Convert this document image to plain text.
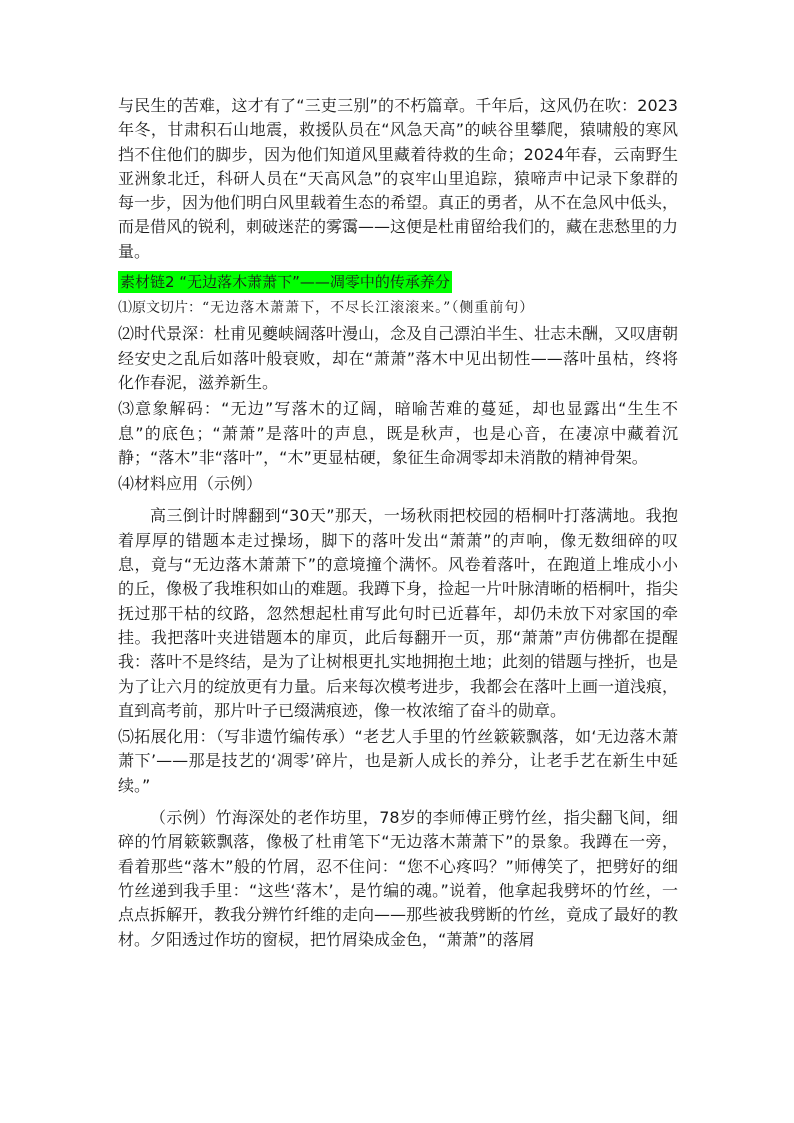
与民生的苦难，这才有了“三吏三别”的不朽篇章。千年后，这风仍在吹：2023年冬，甘肃积石山地震，救援队员在“风急天高”的峡谷里攀爬，猿啸般的寒风挡不住他们的脚步，因为他们知道风里藏着待救的生命；2024年春，云南野生亚洲象北迁，科研人员在“天高风急”的哀牢山里追踪，猿啼声中记录下象群的每一步，因为他们明白风里载着生态的希望。真正的勇者，从不在急风中低头，而是借风的锐利，刺破迷茫的雾霭——这便是杜甫留给我们的，藏在悲愁里的力量。

素材链2 “无边落木萧萧下”——凋零中的传承养分

⑴原文切片：“无边落木萧萧下，不尽长江滚滚来。”（侧重前句）

⑵时代景深：杜甫见夔峡阔落叶漫山，念及自己漂泊半生、壮志未酬，又叹唐朝经安史之乱后如落叶般衰败，却在“萧萧”落木中见出韧性——落叶虽枯，终将化作春泥，滋养新生。

⑶意象解码：“无边”写落木的辽阔，暗喻苦难的蔓延，却也显露出“生生不息”的底色；“萧萧”是落叶的声息，既是秋声，也是心音，在凄凉中藏着沉静；“落木”非“落叶”，“木”更显枯硬，象征生命凋零却未消散的精神骨架。

⑷材料应用（示例）

高三倒计时牌翻到“30天”那天，一场秋雨把校园的梧桐叶打落满地。我抱着厚厚的错题本走过操场，脚下的落叶发出“萧萧”的声响，像无数细碎的叹息，竟与“无边落木萧萧下”的意境撞个满怀。风卷着落叶，在跑道上堆成小小的丘，像极了我堆积如山的难题。我蹲下身，捡起一片叶脉清晰的梧桐叶，指尖抚过那干枯的纹路，忽然想起杜甫写此句时已近暮年，却仍未放下对家国的牵挂。我把落叶夹进错题本的扉页，此后每翻开一页，那“萧萧”声仿佛都在提醒我：落叶不是终结，是为了让树根更扎实地拥抱土地；此刻的错题与挫折，也是为了让六月的绽放更有力量。后来每次模考进步，我都会在落叶上画一道浅痕，直到高考前，那片叶子已缀满痕迹，像一枚浓缩了奋斗的勋章。

⑸拓展化用：（写非遗竹编传承）“老艺人手里的竹丝簌簌飘落，如‘无边落木萧萧下’——那是技艺的‘凋零’碎片，也是新人成长的养分，让老手艺在新生中延续。”

（示例）竹海深处的老作坊里，78岁的李师傅正劈竹丝，指尖翻飞间，细碎的竹屑簌簌飘落，像极了杜甫笔下“无边落木萧萧下”的景象。我蹲在一旁，看着那些“落木”般的竹屑，忍不住问：“您不心疼吗？”师傅笑了，把劈好的细竹丝递到我手里：“这些‘落木’，是竹编的魂。”说着，他拿起我劈坏的竹丝，一点点拆解开，教我分辨竹纤维的走向——那些被我劈断的竹丝，竟成了最好的教材。夕阳透过作坊的窗棂，把竹屑染成金色，“萧萧”的落屑
